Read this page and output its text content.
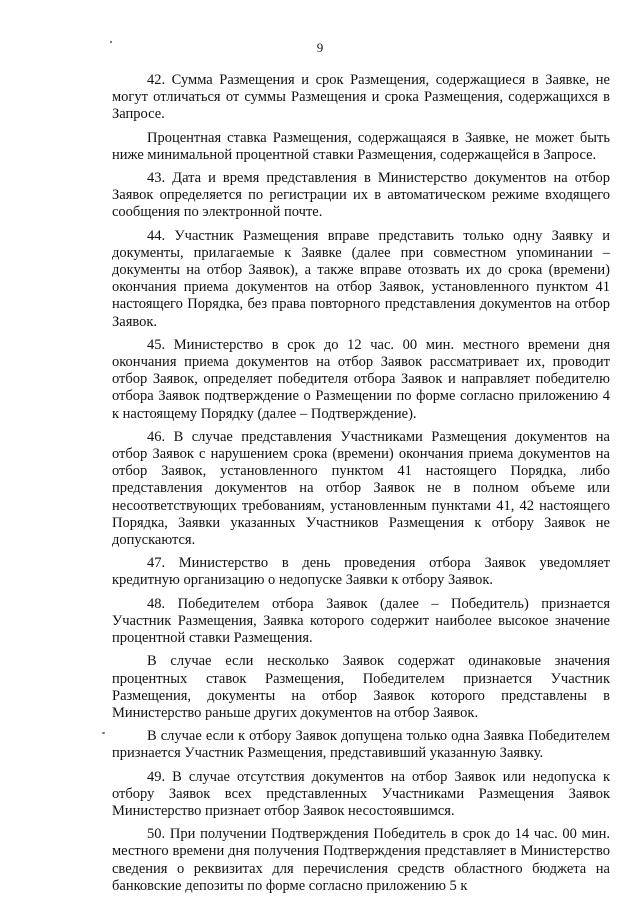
9

42. Сумма Размещения и срок Размещения, содержащиеся в Заявке, не могут отличаться от суммы Размещения и срока Размещения, содержащихся в Запросе.

Процентная ставка Размещения, содержащаяся в Заявке, не может быть ниже минимальной процентной ставки Размещения, содержащейся в Запросе.

43. Дата и время представления в Министерство документов на отбор Заявок определяется по регистрации их в автоматическом режиме входящего сообщения по электронной почте.

44. Участник Размещения вправе представить только одну Заявку и документы, прилагаемые к Заявке (далее при совместном упоминании – документы на отбор Заявок), а также вправе отозвать их до срока (времени) окончания приема документов на отбор Заявок, установленного пунктом 41 настоящего Порядка, без права повторного представления документов на отбор Заявок.

45. Министерство в срок до 12 час. 00 мин. местного времени дня окончания приема документов на отбор Заявок рассматривает их, проводит отбор Заявок, определяет победителя отбора Заявок и направляет победителю отбора Заявок подтверждение о Размещении по форме согласно приложению 4 к настоящему Порядку (далее – Подтверждение).

46. В случае представления Участниками Размещения документов на отбор Заявок с нарушением срока (времени) окончания приема документов на отбор Заявок, установленного пунктом 41 настоящего Порядка, либо представления документов на отбор Заявок не в полном объеме или несоответствующих требованиям, установленным пунктами 41, 42 настоящего Порядка, Заявки указанных Участников Размещения к отбору Заявок не допускаются.

47. Министерство в день проведения отбора Заявок уведомляет кредитную организацию о недопуске Заявки к отбору Заявок.

48. Победителем отбора Заявок (далее – Победитель) признается Участник Размещения, Заявка которого содержит наиболее высокое значение процентной ставки Размещения.

В случае если несколько Заявок содержат одинаковые значения процентных ставок Размещения, Победителем признается Участник Размещения, документы на отбор Заявок которого представлены в Министерство раньше других документов на отбор Заявок.

В случае если к отбору Заявок допущена только одна Заявка Победителем признается Участник Размещения, представивший указанную Заявку.

49. В случае отсутствия документов на отбор Заявок или недопуска к отбору Заявок всех представленных Участниками Размещения Заявок Министерство признает отбор Заявок несостоявшимся.

50. При получении Подтверждения Победитель в срок до 14 час. 00 мин. местного времени дня получения Подтверждения представляет в Министерство сведения о реквизитах для перечисления средств областного бюджета на банковские депозиты по форме согласно приложению 5 к
